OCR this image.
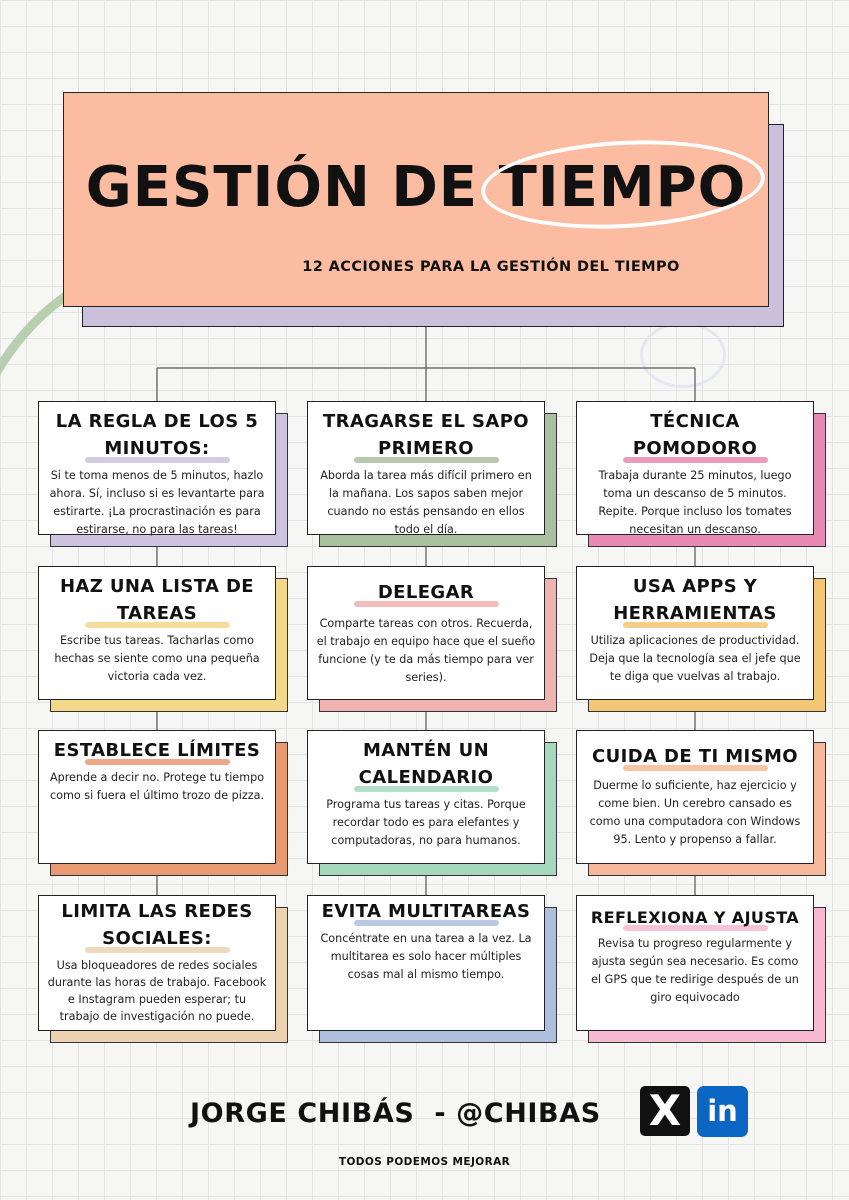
GESTIÓN DE TIEMPO
12 ACCIONES PARA LA GESTIÓN DEL TIEMPO
LA REGLA DE LOS 5 MINUTOS:

Si te toma menos de 5 minutos, hazlo ahora. Sí, incluso si es levantarte para estirarte. ¡La procrastinación es para estirarse, no para las tareas!

TRAGARSE EL SAPO PRIMERO

Aborda la tarea más difícil primero en la mañana. Los sapos saben mejor cuando no estás pensando en ellos todo el día.

TÉCNICA POMODORO

Trabaja durante 25 minutos, luego toma un descanso de 5 minutos. Repite. Porque incluso los tomates necesitan un descanso.

HAZ UNA LISTA DE TAREAS

Escribe tus tareas. Tacharlas como hechas se siente como una pequeña victoria cada vez.

DELEGAR

Comparte tareas con otros. Recuerda, el trabajo en equipo hace que el sueño funcione (y te da más tiempo para ver series).

USA APPS Y HERRAMIENTAS

Utiliza aplicaciones de productividad. Deja que la tecnología sea el jefe que te diga que vuelvas al trabajo.

ESTABLECE LÍMITES

Aprende a decir no. Protege tu tiempo como si fuera el último trozo de pizza.

MANTÉN UN CALENDARIO

Programa tus tareas y citas. Porque recordar todo es para elefantes y computadoras, no para humanos.

CUIDA DE TI MISMO

Duerme lo suficiente, haz ejercicio y come bien. Un cerebro cansado es como una computadora con Windows 95. Lento y propenso a fallar.

LIMITA LAS REDES SOCIALES:

Usa bloqueadores de redes sociales durante las horas de trabajo. Facebook e Instagram pueden esperar; tu trabajo de investigación no puede.

EVITA MULTITAREAS

Concéntrate en una tarea a la vez. La multitarea es solo hacer múltiples cosas mal al mismo tiempo.

REFLEXIONA Y AJUSTA

Revisa tu progreso regularmente y ajusta según sea necesario. Es como el GPS que te redirige después de un giro equivocado

JORGE CHIBÁS  - @CHIBAS X in
TODOS PODEMOS MEJORAR
